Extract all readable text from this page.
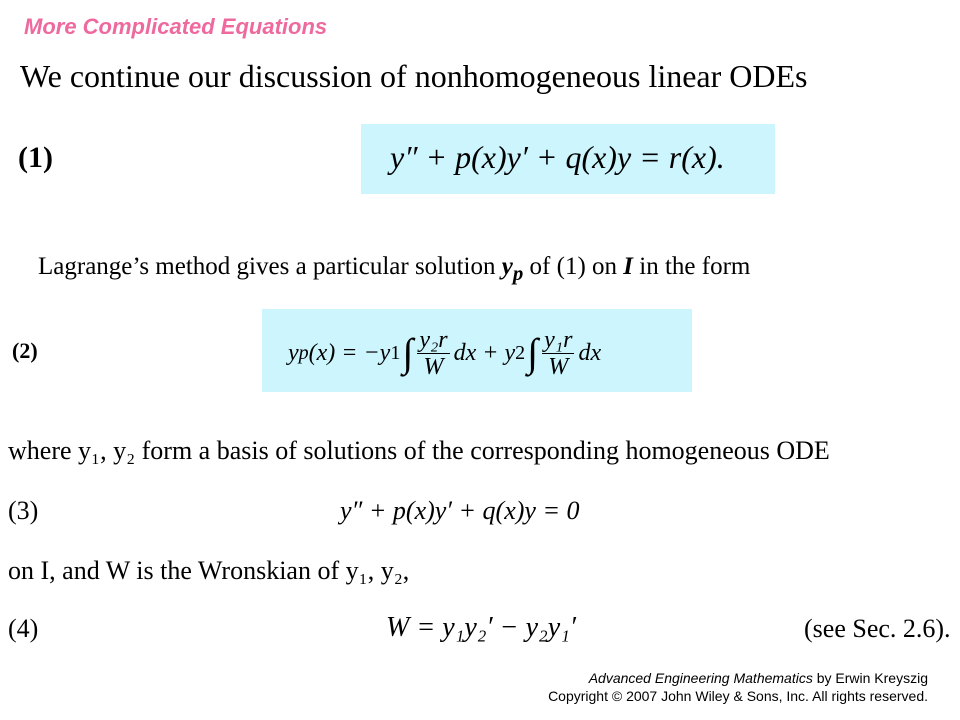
More Complicated Equations
We continue our discussion of nonhomogeneous linear ODEs
(1)	y″ + p(x)y′ + q(x)y = r(x).
Lagrange’s method gives a particular solution $y_p$ of (1) on I in the form
(2)	y p (x) = −y 1 ∫ $\frac{\text{y₂r}}{W}$ dx + y 2 ∫ $\frac{\text{y₁r}}{W}$ dx
where y₁, y₂ form a basis of solutions of the corresponding homogeneous ODE
(3)	y″ + p(x)y′ + q(x)y = 0
on I, and W is the Wronskian of y₁, y₂,
(4)	W = y₁y₂′ − y₂y₁′	(see Sec. 2.6).
Advanced Engineering Mathematics by Erwin Kreyszig
Copyright © 2007 John Wiley & Sons, Inc. All rights reserved.
